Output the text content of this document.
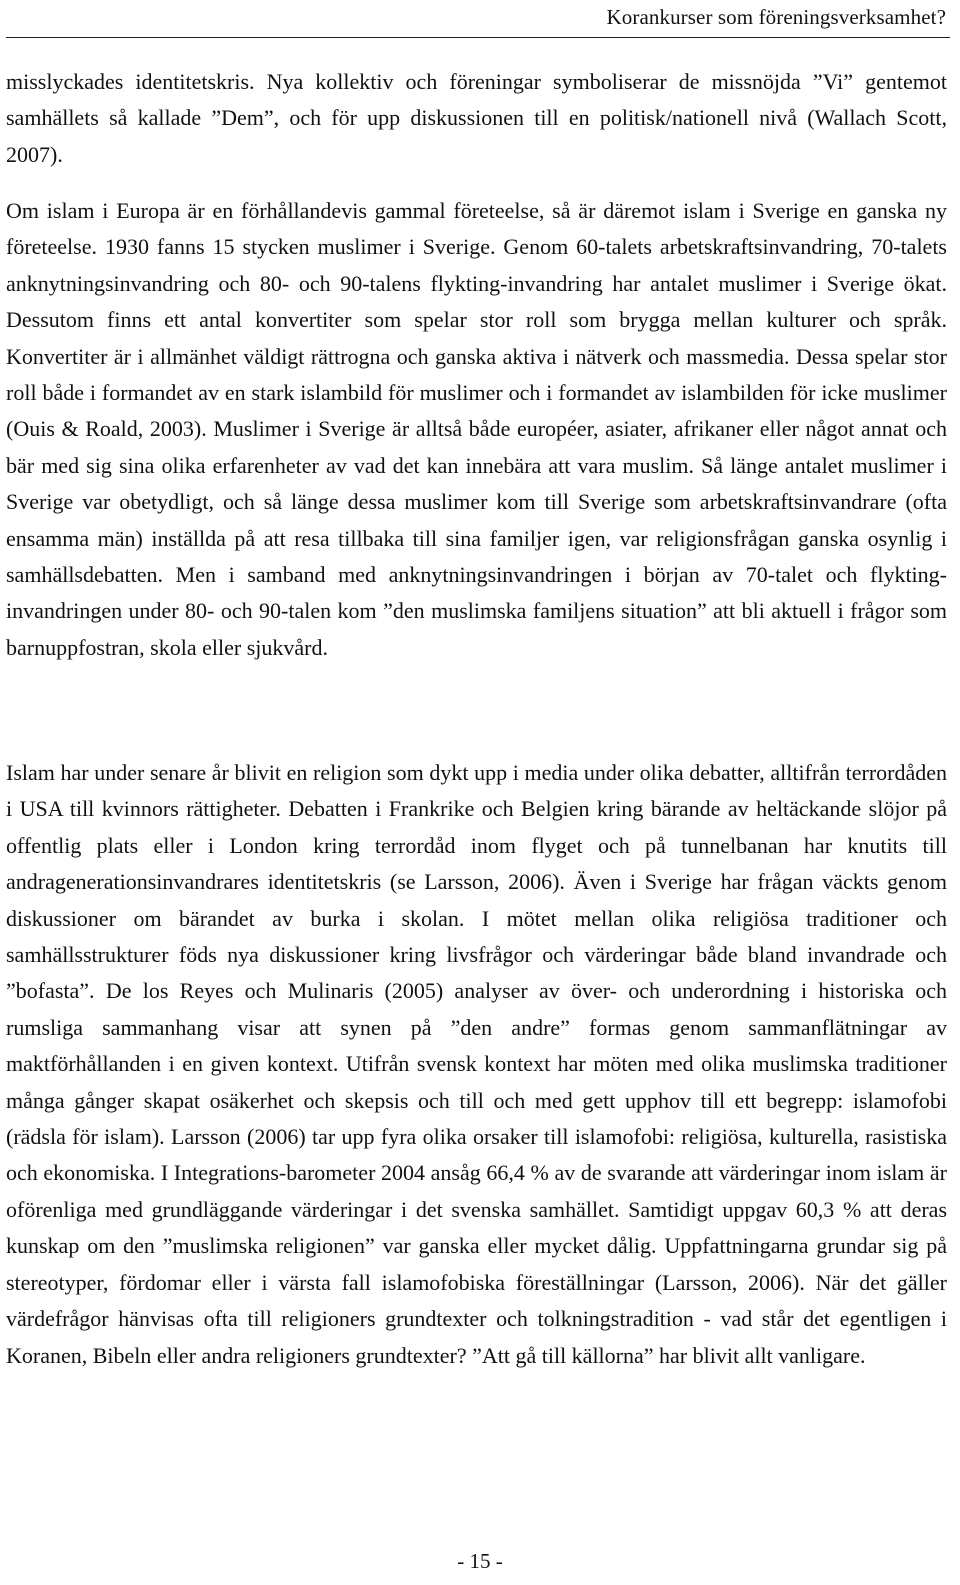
Korankurser som föreningsverksamhet?

misslyckades identitetskris. Nya kollektiv och föreningar symboliserar de missnöjda ”Vi” gentemot samhällets så kallade ”Dem”, och för upp diskussionen till en politisk/nationell nivå (Wallach Scott, 2007).

Om islam i Europa är en förhållandevis gammal företeelse, så är däremot islam i Sverige en ganska ny företeelse. 1930 fanns 15 stycken muslimer i Sverige. Genom 60-talets arbetskraftsinvandring, 70-talets anknytningsinvandring och 80- och 90-talens flykting-invandring har antalet muslimer i Sverige ökat. Dessutom finns ett antal konvertiter som spelar stor roll som brygga mellan kulturer och språk. Konvertiter är i allmänhet väldigt rättrogna och ganska aktiva i nätverk och massmedia. Dessa spelar stor roll både i formandet av en stark islambild för muslimer och i formandet av islambilden för icke muslimer (Ouis & Roald, 2003). Muslimer i Sverige är alltså både européer, asiater, afrikaner eller något annat och bär med sig sina olika erfarenheter av vad det kan innebära att vara muslim. Så länge antalet muslimer i Sverige var obetydligt, och så länge dessa muslimer kom till Sverige som arbetskraftsinvandrare (ofta ensamma män) inställda på att resa tillbaka till sina familjer igen, var religionsfrågan ganska osynlig i samhällsdebatten. Men i samband med anknytningsinvandringen i början av 70-talet och flykting-invandringen under 80- och 90-talen kom ”den muslimska familjens situation” att bli aktuell i frågor som barnuppfostran, skola eller sjukvård.

Islam har under senare år blivit en religion som dykt upp i media under olika debatter, alltifrån terrordåden i USA till kvinnors rättigheter. Debatten i Frankrike och Belgien kring bärande av heltäckande slöjor på offentlig plats eller i London kring terrordåd inom flyget och på tunnelbanan har knutits till andragenerationsinvandrares identitetskris (se Larsson, 2006). Även i Sverige har frågan väckts genom diskussioner om bärandet av burka i skolan. I mötet mellan olika religiösa traditioner och samhällsstrukturer föds nya diskussioner kring livsfrågor och värderingar både bland invandrade och ”bofasta”. De los Reyes och Mulinaris (2005) analyser av över- och underordning i historiska och rumsliga sammanhang visar att synen på ”den andre” formas genom sammanflätningar av maktförhållanden i en given kontext. Utifrån svensk kontext har möten med olika muslimska traditioner många gånger skapat osäkerhet och skepsis och till och med gett upphov till ett begrepp: islamofobi (rädsla för islam). Larsson (2006) tar upp fyra olika orsaker till islamofobi: religiösa, kulturella, rasistiska och ekonomiska. I Integrations-barometer 2004 ansåg 66,4 % av de svarande att värderingar inom islam är oförenliga med grundläggande värderingar i det svenska samhället. Samtidigt uppgav 60,3 % att deras kunskap om den ”muslimska religionen” var ganska eller mycket dålig. Uppfattningarna grundar sig på stereotyper, fördomar eller i värsta fall islamofobiska föreställningar (Larsson, 2006). När det gäller värdefrågor hänvisas ofta till religioners grundtexter och tolkningstradition - vad står det egentligen i Koranen, Bibeln eller andra religioners grundtexter? ”Att gå till källorna” har blivit allt vanligare.

- 15 -
